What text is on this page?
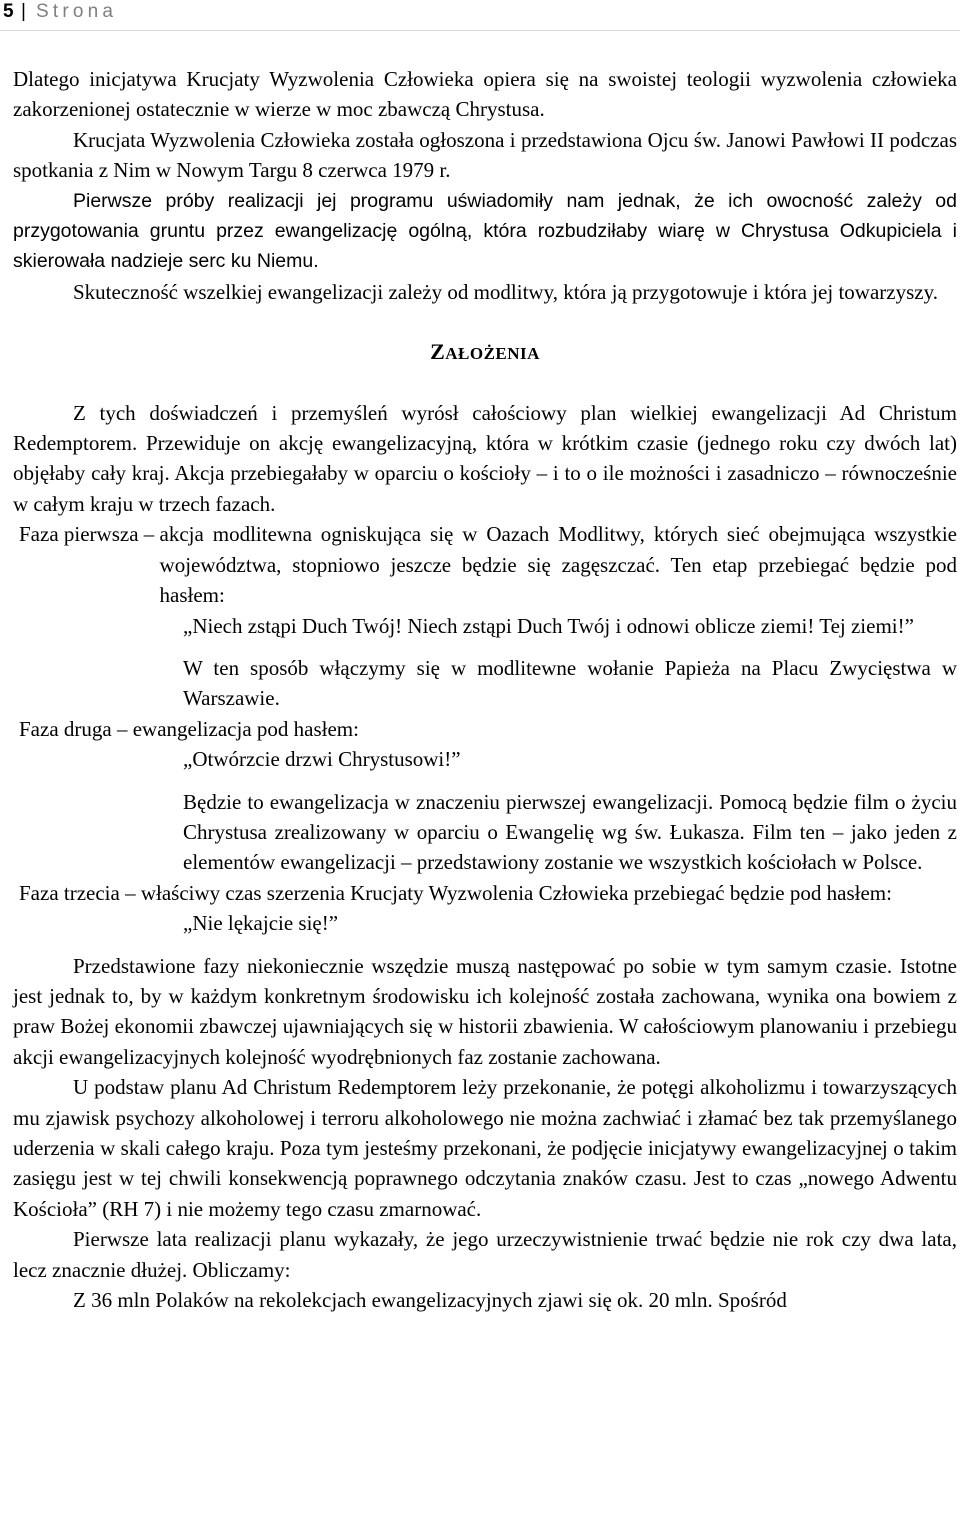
5 | Strona

Dlatego inicjatywa Krucjaty Wyzwolenia Człowieka opiera się na swoistej teologii wyzwolenia człowieka zakorzenionej ostatecznie w wierze w moc zbawczą Chrystusa.

Krucjata Wyzwolenia Człowieka została ogłoszona i przedstawiona Ojcu św. Janowi Pawłowi II podczas spotkania z Nim w Nowym Targu 8 czerwca 1979 r.

Pierwsze próby realizacji jej programu uświadomiły nam jednak, że ich owocność zależy od przygotowania gruntu przez ewangelizację ogólną, która rozbudziłaby wiarę w Chrystusa Odkupiciela i skierowała nadzieje serc ku Niemu.

Skuteczność wszelkiej ewangelizacji zależy od modlitwy, która ją przygotowuje i która jej towarzyszy.

ZAŁOŻENIA

Z tych doświadczeń i przemyśleń wyrósł całościowy plan wielkiej ewangelizacji Ad Christum Redemptorem. Przewiduje on akcję ewangelizacyjną, która w krótkim czasie (jednego roku czy dwóch lat) objęłaby cały kraj. Akcja przebiegałaby w oparciu o kościoły – i to o ile możności i zasadniczo – równocześnie w całym kraju w trzech fazach.

Faza pierwsza – akcja modlitewna ogniskująca się w Oazach Modlitwy, których sieć obejmująca wszystkie województwa, stopniowo jeszcze będzie się zagęszczać. Ten etap przebiegać będzie pod hasłem:

„Niech zstąpi Duch Twój! Niech zstąpi Duch Twój i odnowi oblicze ziemi! Tej ziemi!”

W ten sposób włączymy się w modlitewne wołanie Papieża na Placu Zwycięstwa w Warszawie.

Faza druga – ewangelizacja pod hasłem:

„Otwórzcie drzwi Chrystusowi!”

Będzie to ewangelizacja w znaczeniu pierwszej ewangelizacji. Pomocą będzie film o życiu Chrystusa zrealizowany w oparciu o Ewangelię wg św. Łukasza. Film ten – jako jeden z elementów ewangelizacji – przedstawiony zostanie we wszystkich kościołach w Polsce.

Faza trzecia – właściwy czas szerzenia Krucjaty Wyzwolenia Człowieka przebiegać będzie pod hasłem:

„Nie lękajcie się!”

Przedstawione fazy niekoniecznie wszędzie muszą następować po sobie w tym samym czasie. Istotne jest jednak to, by w każdym konkretnym środowisku ich kolejność została zachowana, wynika ona bowiem z praw Bożej ekonomii zbawczej ujawniających się w historii zbawienia. W całościowym planowaniu i przebiegu akcji ewangelizacyjnych kolejność wyodrębnionych faz zostanie zachowana.

U podstaw planu Ad Christum Redemptorem leży przekonanie, że potęgi alkoholizmu i towarzyszących mu zjawisk psychozy alkoholowej i terroru alkoholowego nie można zachwiać i złamać bez tak przemyślanego uderzenia w skali całego kraju. Poza tym jesteśmy przekonani, że podjęcie inicjatywy ewangelizacyjnej o takim zasięgu jest w tej chwili konsekwencją poprawnego odczytania znaków czasu. Jest to czas „nowego Adwentu Kościoła” (RH 7) i nie możemy tego czasu zmarnować.

Pierwsze lata realizacji planu wykazały, że jego urzeczywistnienie trwać będzie nie rok czy dwa lata, lecz znacznie dłużej. Obliczamy:

Z 36 mln Polaków na rekolekcjach ewangelizacyjnych zjawi się ok. 20 mln. Spośród
